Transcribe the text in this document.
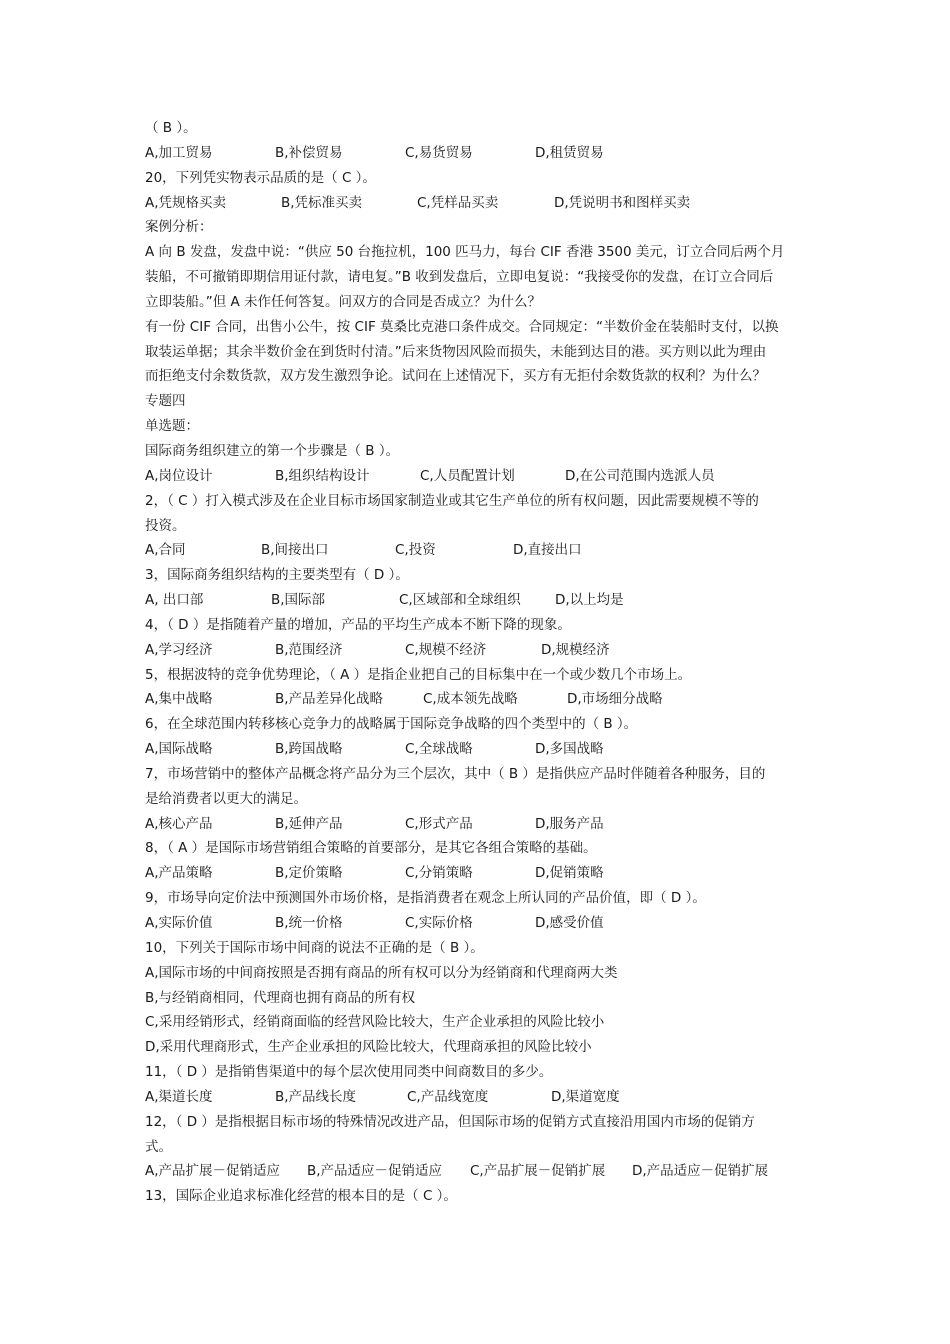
（ B ）。
A,加工贸易	B,补偿贸易	C,易货贸易	D,租赁贸易
20，下列凭实物表示品质的是（ C ）。
A,凭规格买卖	B,凭标准买卖	C,凭样品买卖	D,凭说明书和图样买卖
案例分析：
A 向 B 发盘，发盘中说：“供应 50 台拖拉机，100 匹马力，每台 CIF 香港 3500 美元，订立合同后两个月
装船，不可撤销即期信用证付款，请电复。”B 收到发盘后，立即电复说：“我接受你的发盘，在订立合同后
立即装船。”但 A 未作任何答复。问双方的合同是否成立？为什么？
有一份 CIF 合同，出售小公牛，按 CIF 莫桑比克港口条件成交。合同规定：“半数价金在装船时支付，以换
取装运单据；其余半数价金在到货时付清。”后来货物因风险而损失，未能到达目的港。买方则以此为理由
而拒绝支付余数货款，双方发生激烈争论。试问在上述情况下，买方有无拒付余数货款的权利？为什么？
专题四
单选题：
国际商务组织建立的第一个步骤是（ B ）。
A,岗位设计	B,组织结构设计	C,人员配置计划	D,在公司范围内选派人员
2，（ C ）打入模式涉及在企业目标市场国家制造业或其它生产单位的所有权问题，因此需要规模不等的
投资。
A,合同	B,间接出口	C,投资	D,直接出口
3，国际商务组织结构的主要类型有（ D ）。
A, 出口部	B,国际部	C,区域部和全球组织	D,以上均是
4，（ D ）是指随着产量的增加，产品的平均生产成本不断下降的现象。
A,学习经济	B,范围经济	C,规模不经济	D,规模经济
5，根据波特的竞争优势理论，（ A ）是指企业把自己的目标集中在一个或少数几个市场上。
A,集中战略	B,产品差异化战略	C,成本领先战略	D,市场细分战略
6，在全球范围内转移核心竞争力的战略属于国际竞争战略的四个类型中的（ B ）。
A,国际战略	B,跨国战略	C,全球战略	D,多国战略
7，市场营销中的整体产品概念将产品分为三个层次，其中（ B ）是指供应产品时伴随着各种服务，目的
是给消费者以更大的满足。
A,核心产品	B,延伸产品	C,形式产品	D,服务产品
8，（ A ）是国际市场营销组合策略的首要部分，是其它各组合策略的基础。
A,产品策略	B,定价策略	C,分销策略	D,促销策略
9，市场导向定价法中预测国外市场价格，是指消费者在观念上所认同的产品价值，即（ D ）。
A,实际价值	B,统一价格	C,实际价格	D,感受价值
10，下列关于国际市场中间商的说法不正确的是（ B ）。
A,国际市场的中间商按照是否拥有商品的所有权可以分为经销商和代理商两大类
B,与经销商相同，代理商也拥有商品的所有权
C,采用经销形式，经销商面临的经营风险比较大，生产企业承担的风险比较小
D,采用代理商形式，生产企业承担的风险比较大，代理商承担的风险比较小
11，（ D ）是指销售渠道中的每个层次使用同类中间商数目的多少。
A,渠道长度	B,产品线长度	C,产品线宽度	D,渠道宽度
12，（ D ）是指根据目标市场的特殊情况改进产品，但国际市场的促销方式直接沿用国内市场的促销方
式。
A,产品扩展－促销适应 B,产品适应－促销适应 C,产品扩展－促销扩展 D,产品适应－促销扩展
13，国际企业追求标准化经营的根本目的是（ C ）。
